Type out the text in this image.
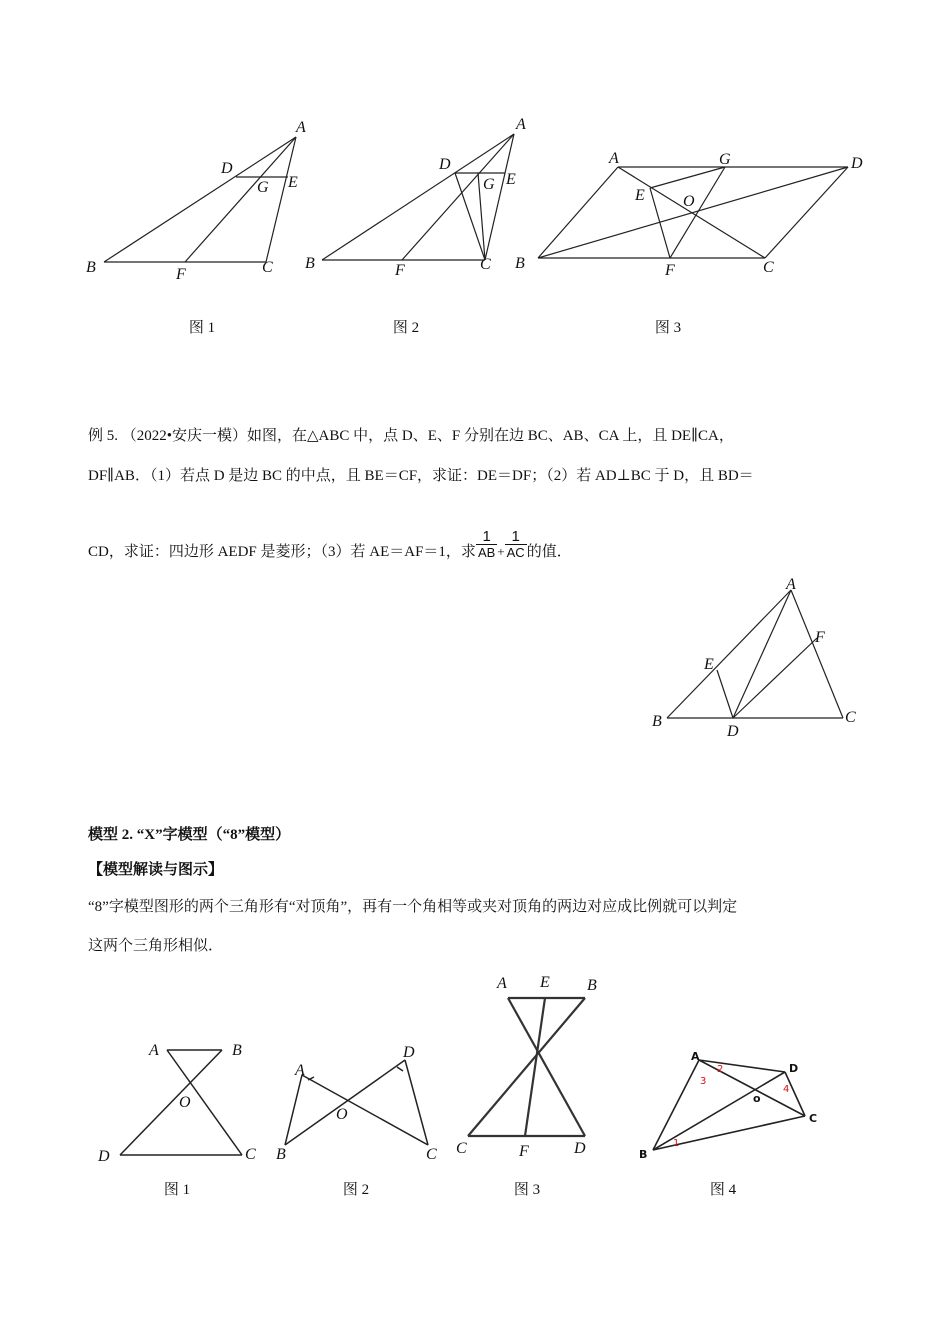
A
B	C
D
E
F
G
图 1
A
B	C
D
E
F
G
图 2
A
B	C
D
E
F
G
O
图 3
例 5. （2022•安庆一模）如图，在△ABC 中，点 D、E、F 分别在边 BC、AB、CA 上，且 DE∥CA，
DF∥AB．（1）若点 D 是边 BC 的中点，且 BE＝CF，求证：DE＝DF；（2）若 AD⊥BC 于 D，且 BD＝
CD，求证：四边形 AEDF 是菱形；（3）若 AE＝AF＝1，求 $\frac{1}{AB} + \frac{1}{AC}$ 的值．
A
B	C
D
E
F
模型 2. “X”字模型（“8”模型）
【模型解读与图示】
“8”字模型图形的两个三角形有“对顶角”，再有一个角相等或夹对顶角的两边对应成比例就可以判定
这两个三角形相似．
A	B
C
D
O
图 1
A
B	C
D
O
图 2
A	B
C	D
E
F
图 3
A
B
C
D
o
1
2
3
4
图 4
